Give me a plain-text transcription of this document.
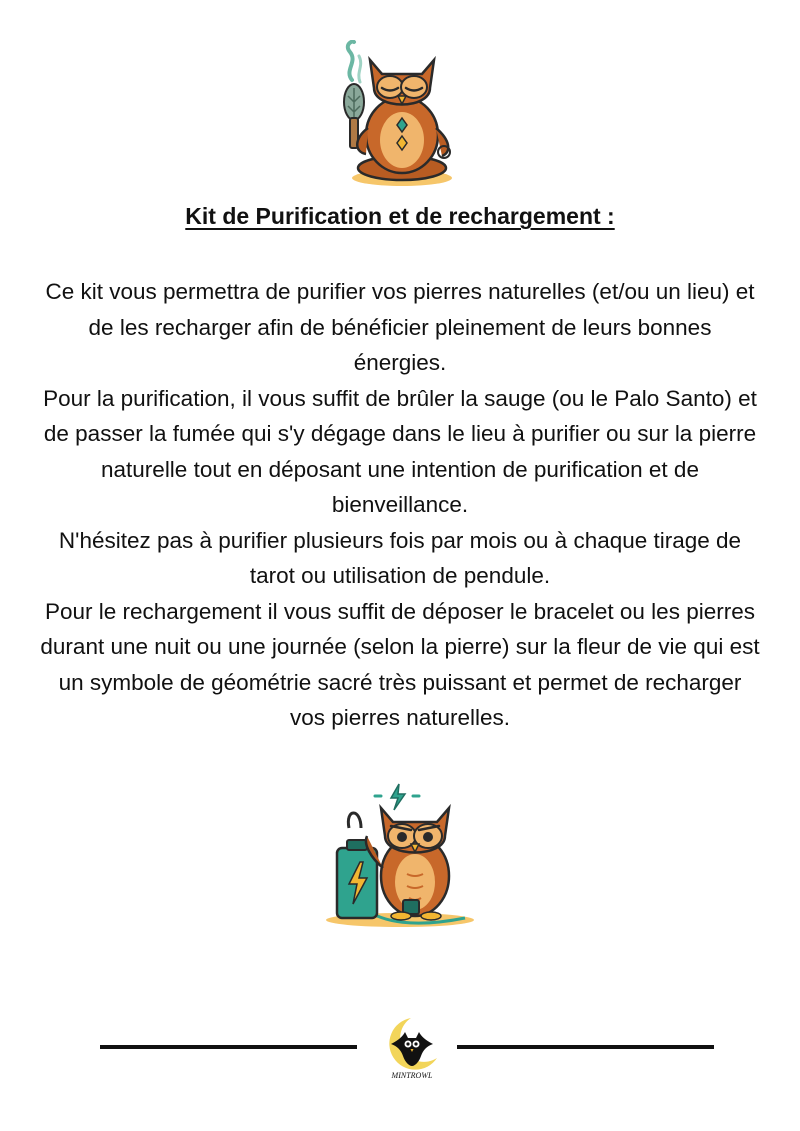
Kit de Purification et de rechargement :

Ce kit vous permettra de purifier vos pierres naturelles (et/ou un lieu) et de les recharger afin de bénéficier pleinement de leurs bonnes énergies.

Pour la purification, il vous suffit de brûler la sauge (ou le Palo Santo) et de passer la fumée qui s'y dégage dans le lieu à purifier ou sur la pierre naturelle tout en déposant une intention de purification et de bienveillance.

N'hésitez pas à purifier plusieurs fois par mois ou à chaque tirage de tarot ou utilisation de pendule.

Pour le rechargement il vous suffit de déposer le bracelet ou les pierres durant une nuit ou une journée (selon la pierre) sur la fleur de vie qui est un symbole de géométrie sacré très puissant et permet de recharger vos pierres naturelles.

MINTROWL
